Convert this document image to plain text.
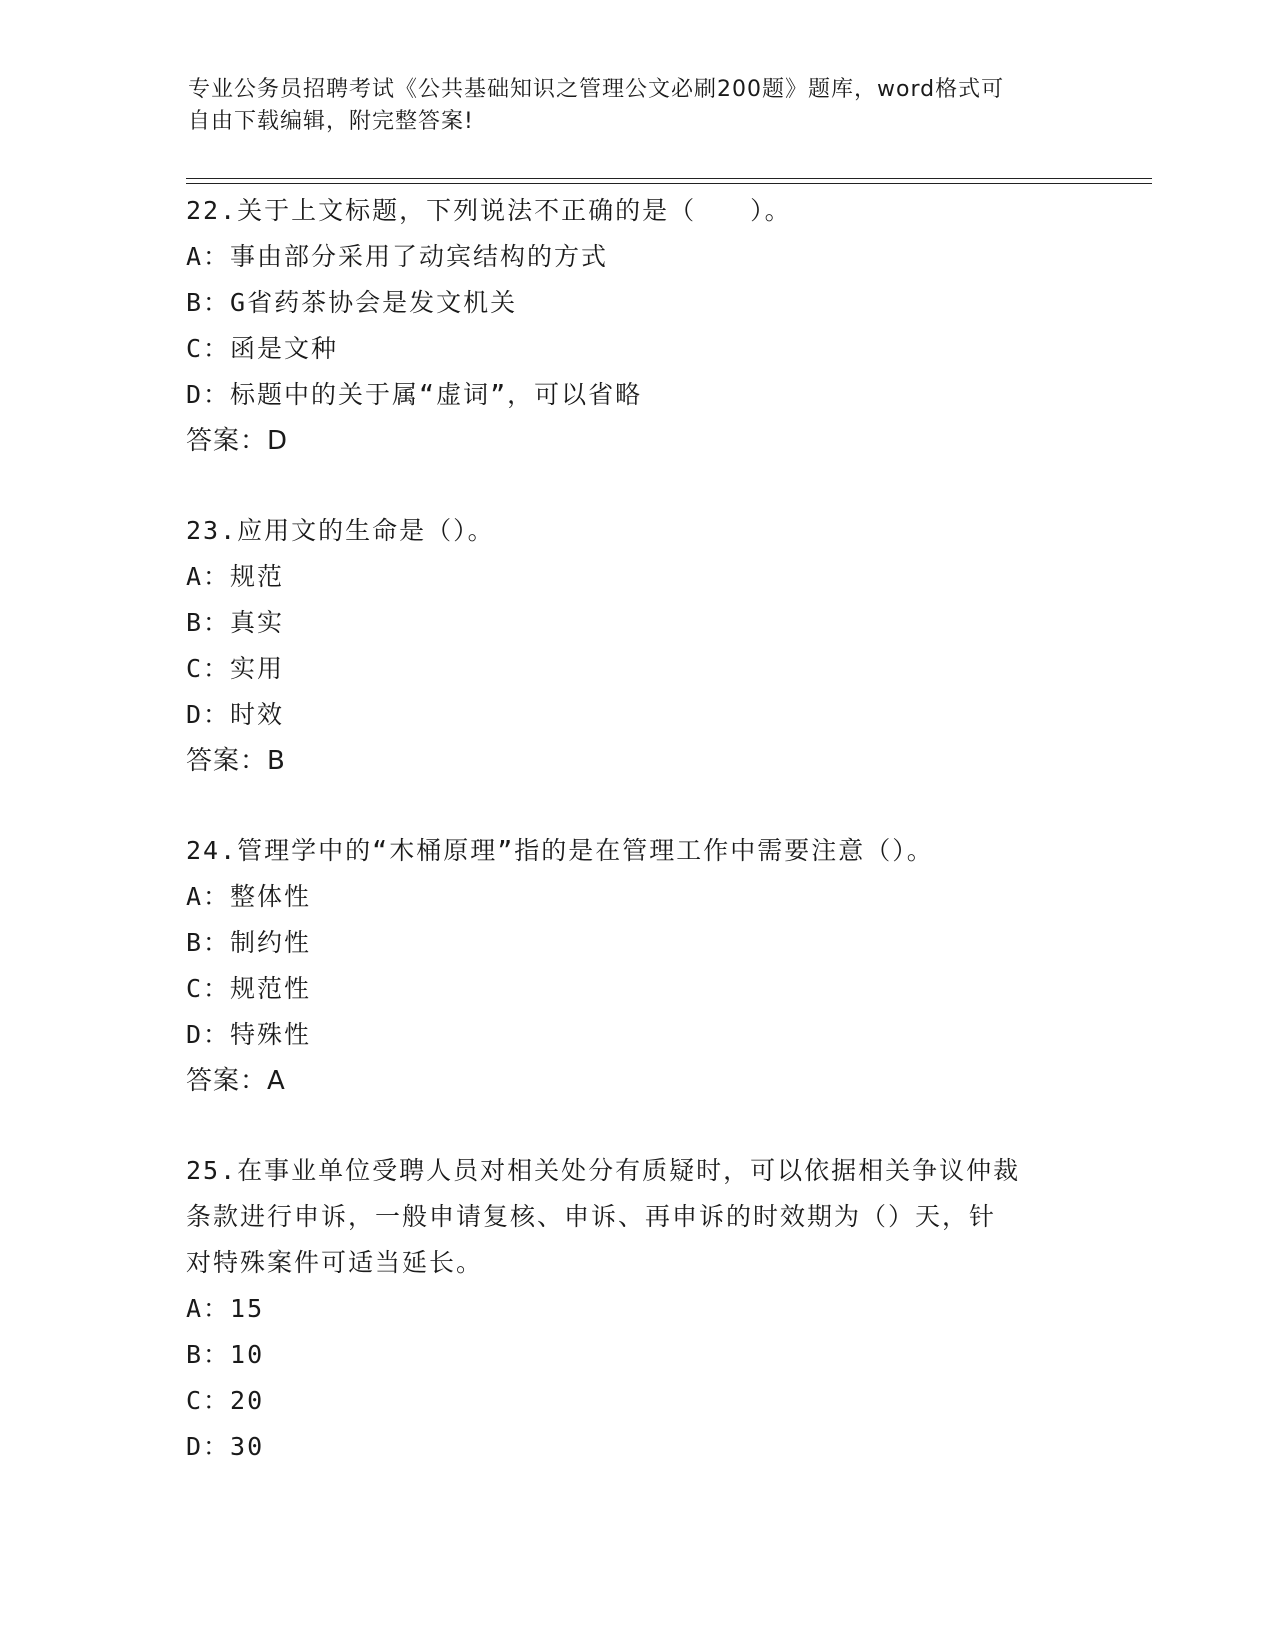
专业公务员招聘考试《公共基础知识之管理公文必刷200题》题库，word格式可
自由下载编辑，附完整答案!
22.关于上文标题，下列说法不正确的是（　　）。
A：事由部分采用了动宾结构的方式
B：G省药茶协会是发文机关
C：函是文种
D：标题中的关于属“虚词”，可以省略
答案：D
23.应用文的生命是（）。
A：规范
B：真实
C：实用
D：时效
答案：B
24.管理学中的“木桶原理”指的是在管理工作中需要注意（）。
A：整体性
B：制约性
C：规范性
D：特殊性
答案：A
25.在事业单位受聘人员对相关处分有质疑时，可以依据相关争议仲裁
条款进行申诉，一般申请复核、申诉、再申诉的时效期为（）天，针
对特殊案件可适当延长。
A：15
B：10
C：20
D：30
